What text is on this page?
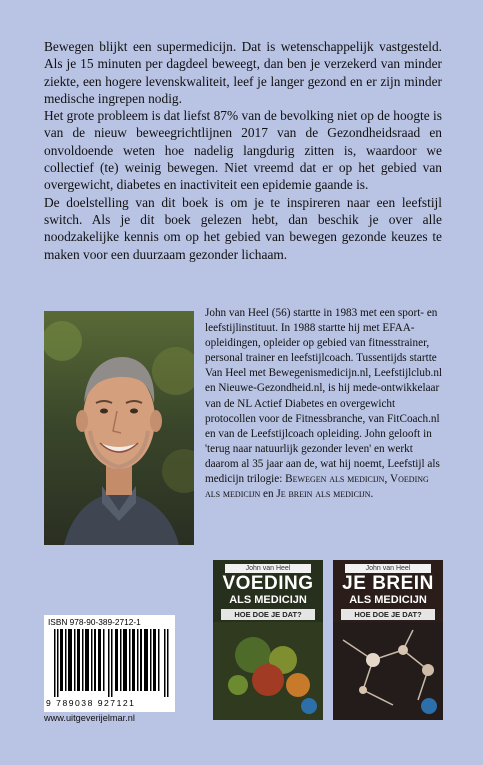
Bewegen blijkt een supermedicijn. Dat is wetenschappelijk vastgesteld. Als je 15 minuten per dagdeel beweegt, dan ben je verzekerd van minder ziekte, een hogere levenskwaliteit, leef je langer gezond en er zijn minder medische ingrepen nodig.

Het grote probleem is dat liefst 87% van de bevolking niet op de hoogte is van de nieuw beweegrichtlijnen 2017 van de Gezondheidsraad en onvoldoende weten hoe nadelig langdurig zitten is, waardoor we collectief (te) weinig bewegen. Niet vreemd dat er op het gebied van overgewicht, diabetes en inactiviteit een epidemie gaande is.

De doelstelling van dit boek is om je te inspireren naar een leefstijl switch. Als je dit boek gelezen hebt, dan beschik je over alle noodzakelijke kennis om op het gebied van bewegen gezonde keuzes te maken voor een duurzaam gezonder lichaam.

John van Heel (56) startte in 1983 met een sport- en leefstijlinstituut. In 1988 startte hij met EFAA-opleidingen, opleider op gebied van fitnesstrainer, personal trainer en leefstijlcoach. Tussentijds startte Van Heel met Bewegenismedicijn.nl, Leefstijlclub.nl en Nieuwe-Gezondheid.nl, is hij mede-ontwikkelaar van de NL Actief Diabetes en overgewicht protocollen voor de Fitnessbranche, van FitCoach.nl en van de Leefstijlcoach opleiding. John gelooft in 'terug naar natuurlijk gezonder leven' en werkt daarom al 35 jaar aan de, wat hij noemt, Leefstijl als medicijn trilogie: Bewegen als medicijn, Voeding als medicijn en Je brein als medicijn.

John van Heel
VOEDING
ALS MEDICIJN
HOE DOE JE DAT?
John van Heel
JE BREIN
ALS MEDICIJN
HOE DOE JE DAT?
ISBN 978-90-389-2712-1
9 789038 927121
www.uitgeverijelmar.nl
